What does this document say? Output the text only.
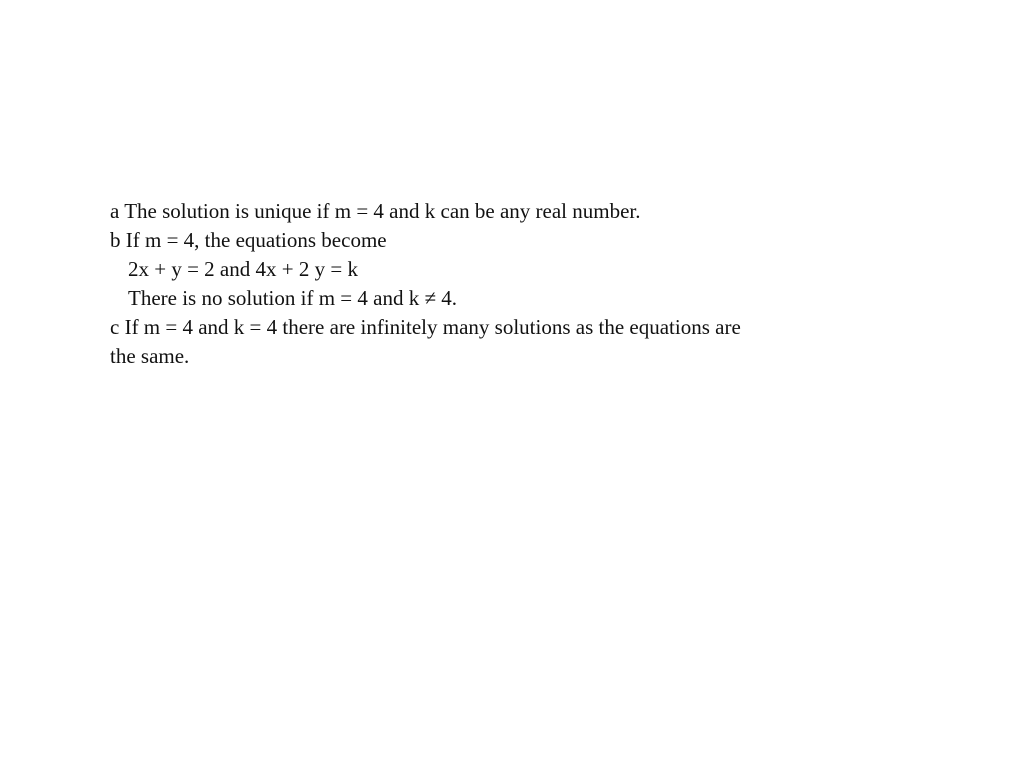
a The solution is unique if m = 4 and k can be any real number.
b If m = 4, the equations become
2x + y = 2 and 4x + 2 y = k
There is no solution if m = 4 and k ≠ 4.
c If m = 4 and k = 4 there are infinitely many solutions as the equations are
the same.
